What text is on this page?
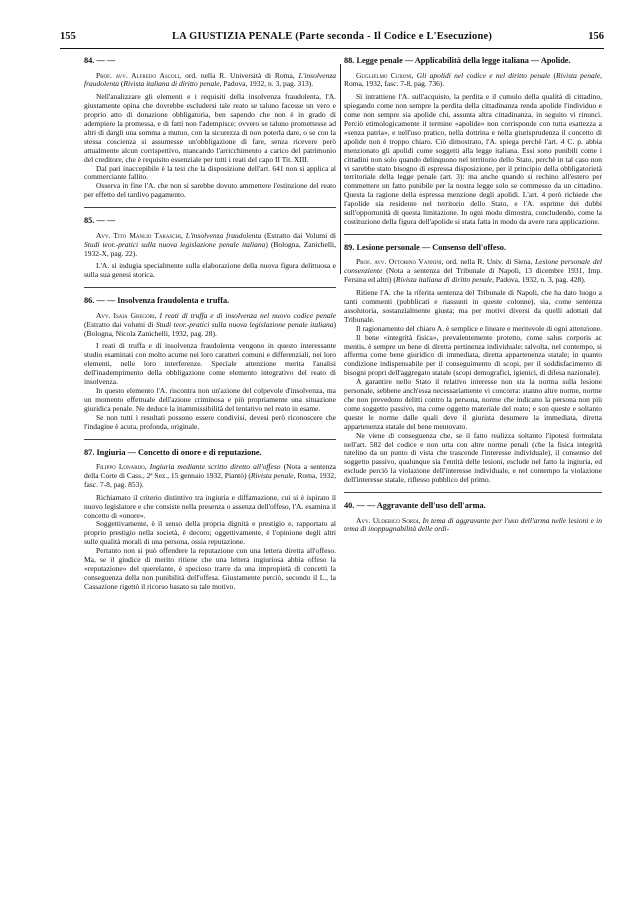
155	LA GIUSTIZIA PENALE (Parte seconda - Il Codice e L'Esecuzione)	156
84. — —
Prof. avv. Alfredo Ascoli, ord. nella R. Università di Roma, L'insolvenza fraudolenta (Rivista italiana di diritto penale, Padova, 1932, n. 3, pag. 313).
Nell'analizzare gli elementi e i requisiti della insolvenza fraudolenta, l'A. giustamente opina che dovrebbe escludersi tale reato se taluno facesse un vero e proprio atto di donazione obbligatoria, ben sapendo che non è in grado di adempiere la promessa, e di fatti non l'adempisce; ovvero se taluno promettesse ad altri di dargli una somma a mutuo, con la sicurezza di non poterla dare, o se con la stessa coscienza si assumesse un'obbligazione di fare, senza ricevere però attualmente alcun corrispettivo, mancando l'arricchimento a carico del patrimonio del creditore, che è requisito essenziale per tutti i reati del capo II Tit. XIII.
Dal pari inaccepibile è la tesi che la disposizione dell'art. 641 non si applica al commerciante fallito.
Osserva in fine l'A. che non si sarebbe dovuto ammettere l'estinzione del reato per effetto del tardivo pagamento.
85. — —
Avv. Tito Manlio Taraschi, L'insolvenza fraudolenta (Estratto dai Volumi di Studi teor.-pratici sulla nuova legislazione penale italiana) (Bologna, Zanichelli, 1932-X, pag. 22).
L'A. si indugia specialmente sulla elaborazione della nuova figura delittuosa e sulla sua genesi storica.
86. — — Insolvenza fraudolenta e truffa.
Avv. Isaia Gregori, I reati di truffa e di insolvenza nel nuovo codice penale (Estratto dai volumi di Studi teor.-pratici sulla nuova legislazione penale italiana) (Bologna, Nicola Zanichelli, 1932, pag. 28).
I reati di truffa e di insolvenza fraudolenta vengono in questo interessante studio esaminati con molto acume nei loro caratteri comuni e differenziali, nei loro elementi, nelle loro interferenze. Speciale attenzione merita l'analisi dell'inadempimento della obbligazione come elemento integrativo del reato di insolvenza.
In questo elemento l'A. riscontra non un'azione del colpevole d'insolvenza, ma un momento effettuale dell'azione criminosa e più propriamente una situazione giuridica penale. Ne deduce la inammissibilità del tentativo nel reato in esame.
Se non tutti i resultati possono essere condivisi, devesi però riconoscere che l'indagine è acuta, profonda, originale.
87. Ingiuria — Concetto di onore e di reputazione.
Filippo Lonardo, Ingiuria mediante scritto diretto all'offeso (Nota a sentenza della Corte di Cass., 2ª Sez., 15 gennaio 1932, Piantò) (Rivista penale, Roma, 1932, fasc. 7-8, pag. 853).
Richiamato il criterio distintivo tra ingiuria e diffamazione, cui si è ispirato il nuovo legislatore e che consiste nella presenza o assenza dell'offeso, l'A. esamina il concetto di «onore».
Soggettivamente, è il senso della propria dignità e prestigio e, rapportato al proprio prestigio nella società, è decoro; oggettivamente, è l'opinione degli altri sulle qualità morali di una persona, ossia reputazione.
Pertanto non si può offendere la reputazione con una lettera diretta all'offeso. Ma, se il giudice di merito ritiene che una lettera ingiuriosa abbia offeso la «reputazione» del querelante, è specioso trarre da una impropietà di concetti la conseguenza della non punibilità dell'offesa. Giustamente perciò, secondo il L., la Cassazione rigettò il ricorso basato su tale motivo.
88. Legge penale — Applicabilità della legge italiana — Apolide.
Guglielmo Cuboni, Gli apolidi nel codice e nel diritto penale (Rivista penale, Roma, 1932, fasc. 7-8, pag. 736).
Si intrattiene l'A. sull'acquisto, la perdita e il cumulo della qualità di cittadino, spiegando come non sempre la perdita della cittadinanza renda apolide l'individuo e come non sempre sia apolide chi, assunta altra cittadinanza, in seguito vi rinunci. Perciò etimologicamente il termine «apolide» non corrisponde con tutta esattezza a «senza patria», e nell'uso pratico, nella dottrina e nella giurisprudenza il concetto di apolide non è troppo chiaro. Ciò dimostrato, l'A. spiega perchè l'art. 4 C. p. abbia menzionato gli apolidi come soggetti alla legge italiana. Essi sono punibili come i cittadini non solo quando delinquono nel territorio dello Stato, perchè in tal caso non vi sarebbe stato bisogno di espressa disposizione, per il principio della obbligatorietà territoriale della legge penale (art. 3): ma anche quando si rechino all'estero per commettere un fatto punibile per la nostra legge solo se commesso da un cittadino. Questa la ragione della espressa menzione degli apolidi. L'art. 4 però richiede che l'apolide sia residente nel territorio dello Stato, e l'A. esprime dei dubbi sull'opportunità di questa limitazione. In ogni modo dimostra, concludendo, come la costituzione della figura dell'apolide si stata fatta in modo da avere rara applicazione.
89. Lesione personale — Consenso dell'offeso.
Prof. avv. Ottorino Vannini, ord. nella R. Univ. di Siena, Lesione personale del consenziente (Nota a sentenza del Tribunale di Napoli, 13 dicembre 1931, Imp. Fersina ed altri) (Rivista italiana di diritto penale, Padova, 1932, n. 3, pag. 428).
Ritiene l'A. che la riferita sentenza del Tribunale di Napoli, che ha dato luogo a tanti commenti (pubblicati e riassunti in queste colonne), sia, come sentenza assolutoria, sostanzialmente giusta; ma per motivi diversi da quelli adottati dal Tribunale.
Il ragionamento del chiaro A. è semplice e lineare e meritevole di ogni attenzione.
Il bene «integrità fisica», prevalentemente protetto, come salus corporis ac mentis, è sempre un bene di diretta pertinenza individuale: talvolta, nel contempo, si afferma come bene giuridico di immediata, diretta appartenenza statale; in quanto condizione indispensabile per il conseguimento di scopi, per il soddisfacimento di bisogni propri dell'aggregato statale (scopi demografici, igienici, di difesa nazionale).
A garantire nello Stato il relativo interesse non sta la norma sulla lesione personale, sebbene anch'essa necessariamente vi concorra: stanno altre norme, norme che non prevedono delitti contro la persona, norme che indicano la persona non più come soggetto passivo, ma come oggetto materiale del reato; e son queste e soltanto queste le norme dalle quali deve il giurista desumere la immediata, diretta appartenenza statale del bene mentovato.
Ne viene di conseguenza che, se il fatto realizza soltanto l'ipotesi formulata nell'art. 582 del codice e non urta con altre norme penali (che la fisica integrità tutelino da un punto di vista che trascende l'interesse individuale), il consenso del soggetto passivo, qualunque sia l'entità delle lesioni, esclude nel fatto la ingiuria, ed esclude perciò la violazione dell'interesse individuale, e nel contempo la violazione dell'interesse statale, riflesso pubblico del primo.
40. — — Aggravante dell'uso dell'arma.
Avv. Uldebico Sordi, In tema di aggravante per l'uso dell'arma nelle lesioni e in tema di inoppugnabilità delle ordi-
